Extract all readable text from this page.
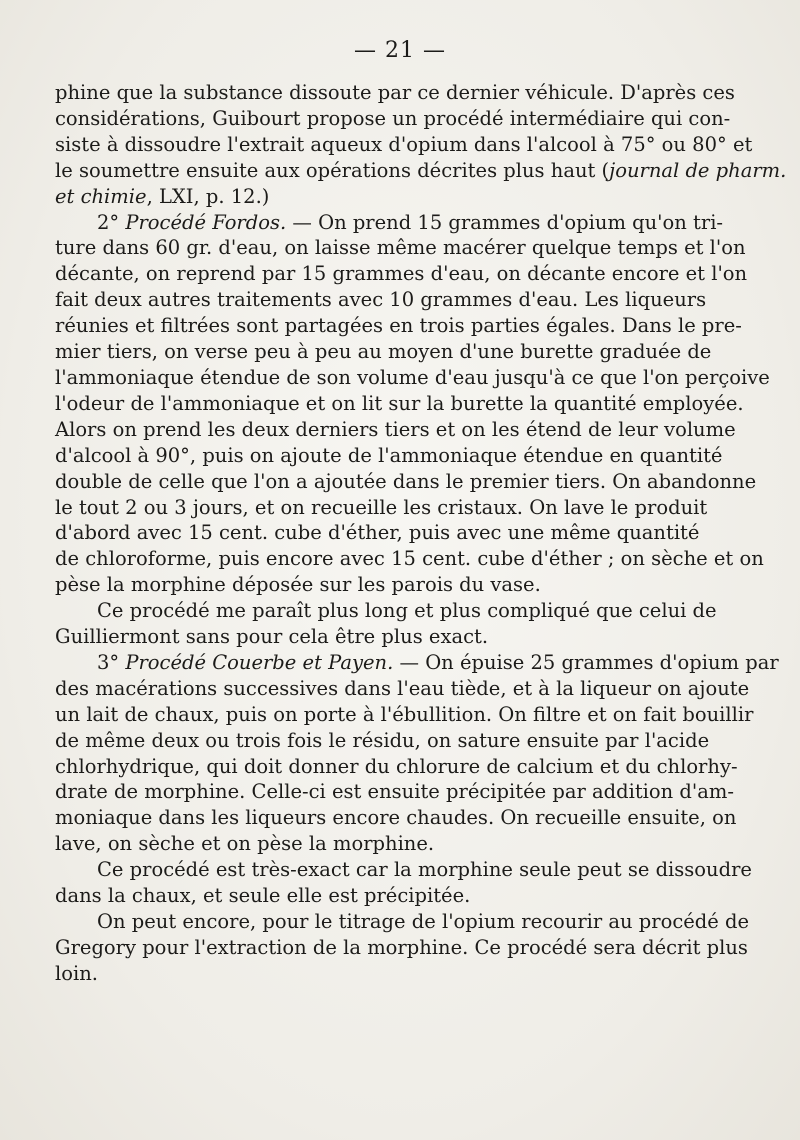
— 21 —
phine que la substance dissoute par ce dernier véhicule. D'après ces
considérations, Guibourt propose un procédé intermédiaire qui con-
siste à dissoudre l'extrait aqueux d'opium dans l'alcool à 75° ou 80° et
le soumettre ensuite aux opérations décrites plus haut (journal de pharm.
et chimie, LXI, p. 12.)
2° Procédé Fordos. — On prend 15 grammes d'opium qu'on tri-
ture dans 60 gr. d'eau, on laisse même macérer quelque temps et l'on
décante, on reprend par 15 grammes d'eau, on décante encore et l'on
fait deux autres traitements avec 10 grammes d'eau. Les liqueurs
réunies et filtrées sont partagées en trois parties égales. Dans le pre-
mier tiers, on verse peu à peu au moyen d'une burette graduée de
l'ammoniaque étendue de son volume d'eau jusqu'à ce que l'on perçoive
l'odeur de l'ammoniaque et on lit sur la burette la quantité employée.
Alors on prend les deux derniers tiers et on les étend de leur volume
d'alcool à 90°, puis on ajoute de l'ammoniaque étendue en quantité
double de celle que l'on a ajoutée dans le premier tiers. On abandonne
le tout 2 ou 3 jours, et on recueille les cristaux. On lave le produit
d'abord avec 15 cent. cube d'éther, puis avec une même quantité
de chloroforme, puis encore avec 15 cent. cube d'éther ; on sèche et on
pèse la morphine déposée sur les parois du vase.
Ce procédé me paraît plus long et plus compliqué que celui de
Guilliermont sans pour cela être plus exact.
3° Procédé Couerbe et Payen. — On épuise 25 grammes d'opium par
des macérations successives dans l'eau tiède, et à la liqueur on ajoute
un lait de chaux, puis on porte à l'ébullition. On filtre et on fait bouillir
de même deux ou trois fois le résidu, on sature ensuite par l'acide
chlorhydrique, qui doit donner du chlorure de calcium et du chlorhy-
drate de morphine. Celle-ci est ensuite précipitée par addition d'am-
moniaque dans les liqueurs encore chaudes. On recueille ensuite, on
lave, on sèche et on pèse la morphine.
Ce procédé est très-exact car la morphine seule peut se dissoudre
dans la chaux, et seule elle est précipitée.
On peut encore, pour le titrage de l'opium recourir au procédé de
Gregory pour l'extraction de la morphine. Ce procédé sera décrit plus
loin.
